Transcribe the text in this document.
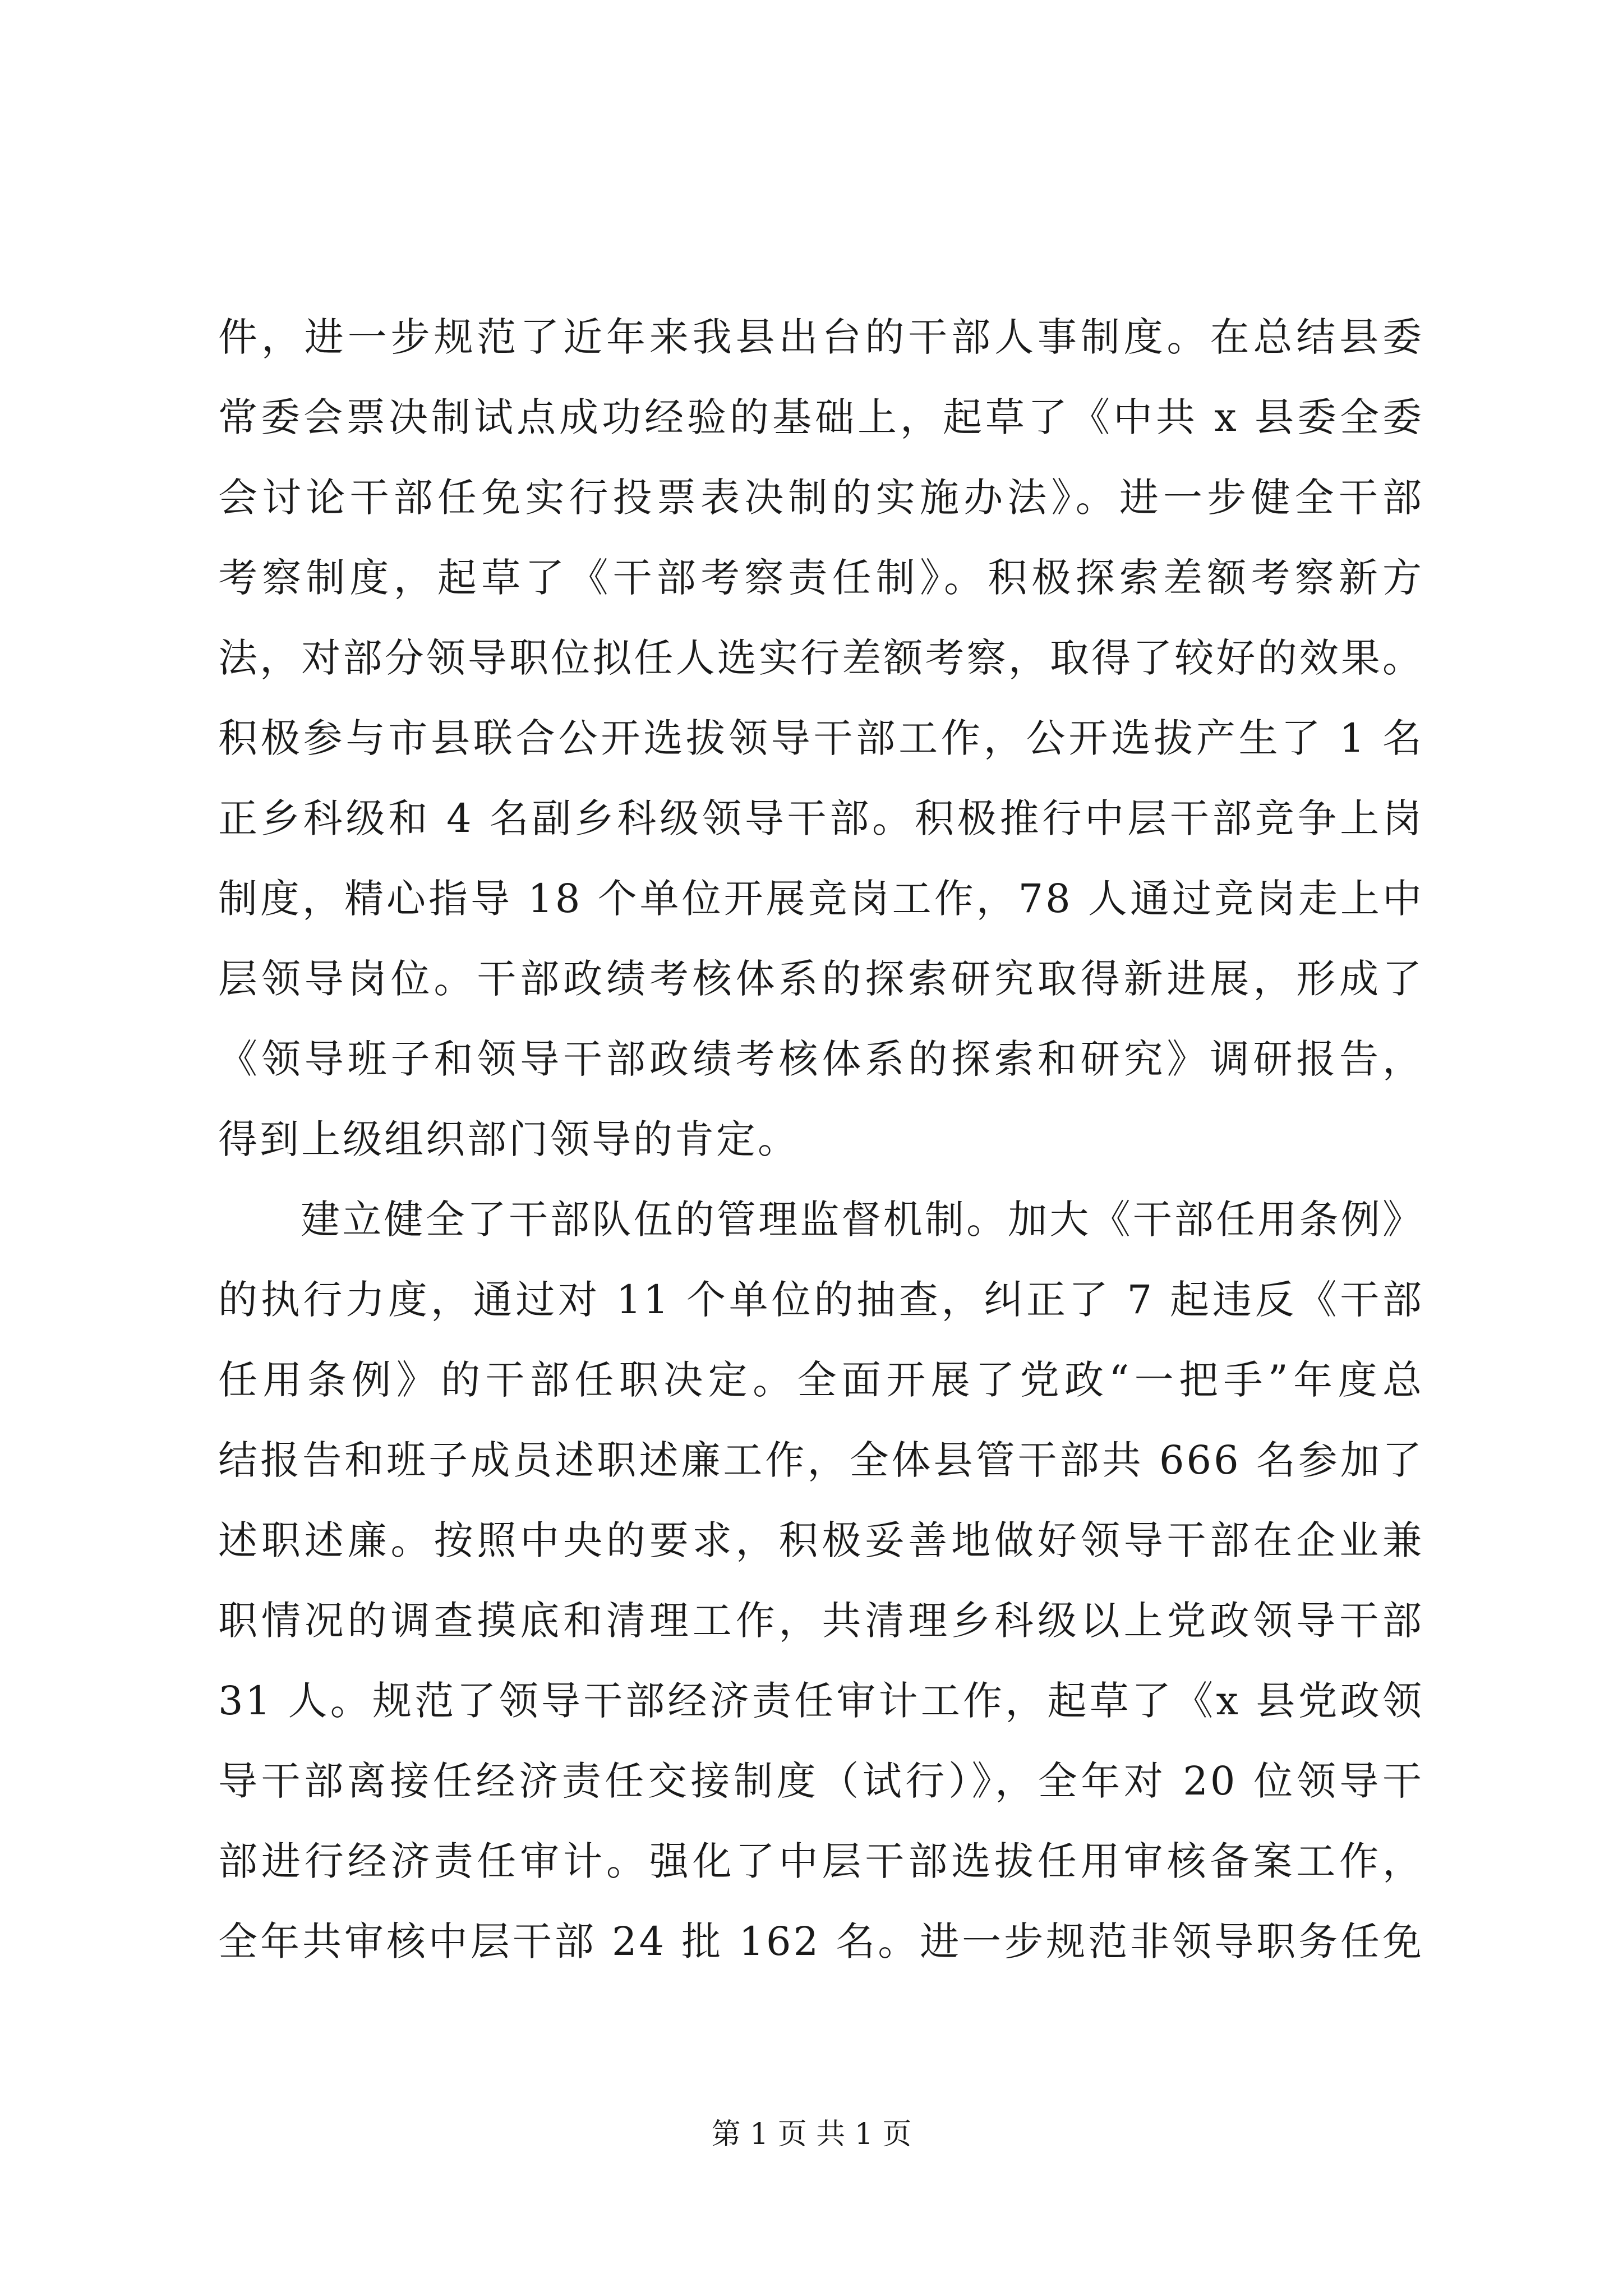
件，进一步规范了近年来我县出台的干部人事制度。在总结县委
常委会票决制试点成功经验的基础上，起草了《中共 x 县委全委
会讨论干部任免实行投票表决制的实施办法》。进一步健全干部
考察制度，起草了《干部考察责任制》。积极探索差额考察新方
法，对部分领导职位拟任人选实行差额考察，取得了较好的效果。
积极参与市县联合公开选拔领导干部工作，公开选拔产生了 1 名
正乡科级和 4 名副乡科级领导干部。积极推行中层干部竞争上岗
制度，精心指导 18 个单位开展竞岗工作，78 人通过竞岗走上中
层领导岗位。干部政绩考核体系的探索研究取得新进展，形成了
《领导班子和领导干部政绩考核体系的探索和研究》调研报告，
得到上级组织部门领导的肯定。
建立健全了干部队伍的管理监督机制。加大《干部任用条例》
的执行力度，通过对 11 个单位的抽查，纠正了 7 起违反《干部
任用条例》的干部任职决定。全面开展了党政“一把手”年度总
结报告和班子成员述职述廉工作，全体县管干部共 666 名参加了
述职述廉。按照中央的要求，积极妥善地做好领导干部在企业兼
职情况的调查摸底和清理工作，共清理乡科级以上党政领导干部
31 人。规范了领导干部经济责任审计工作，起草了《x 县党政领
导干部离接任经济责任交接制度（试行）》，全年对 20 位领导干
部进行经济责任审计。强化了中层干部选拔任用审核备案工作，
全年共审核中层干部 24 批 162 名。进一步规范非领导职务任免
第 1 页 共 1 页
